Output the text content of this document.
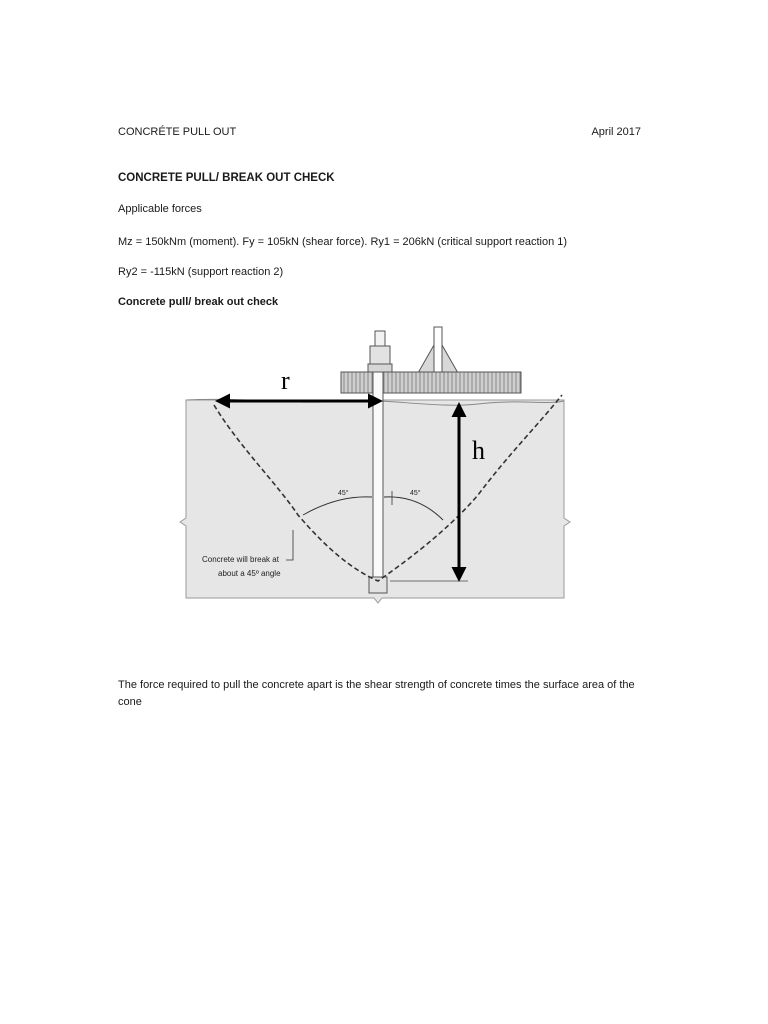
CONCRÉTE PULL OUT	April 2017
CONCRETE PULL/ BREAK OUT CHECK
Applicable forces
Mz = 150kNm (moment). Fy = 105kN (shear force). Ry1 = 206kN (critical support reaction 1)
Ry2 = -115kN (support reaction 2)
Concrete pull/ break out check
45°	45°
r
h
Concrete will break at
about a 45º angle
The force required to pull the concrete apart is the shear strength of concrete times the surface area of the cone
